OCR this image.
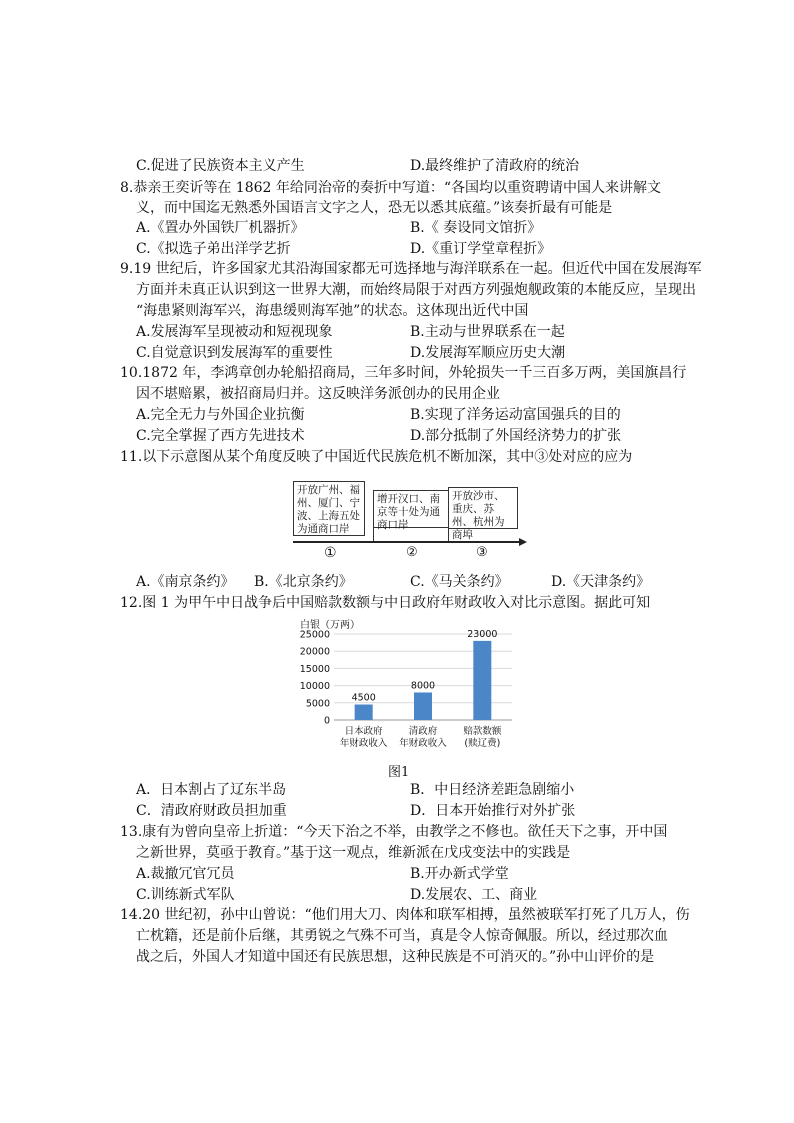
C.促进了民族资本主义产生	D.最终维护了清政府的统治
8.恭亲王奕䜣等在 1862 年给同治帝的奏折中写道：“各国均以重资聘请中国人来讲解文
义，而中国迄无熟悉外国语言文字之人，恐无以悉其底蕴。”该奏折最有可能是
A.《置办外国铁厂机器折》	B.《 奏设同文馆折》
C.《拟选子弟出洋学艺折	D.《重订学堂章程折》
9.19 世纪后，许多国家尤其沿海国家都无可选择地与海洋联系在一起。但近代中国在发展海军
方面并未真正认识到这一世界大潮，而始终局限于对西方列强炮舰政策的本能反应，呈现出
“海患紧则海军兴，海患缓则海军弛”的状态。这体现出近代中国
A.发展海军呈现被动和短视现象	B.主动与世界联系在一起
C.自觉意识到发展海军的重要性	D.发展海军顺应历史大潮
10.1872 年，李鸿章创办轮船招商局，三年多时间，外轮损失一千三百多万两，美国旗昌行
因不堪赔累，被招商局归并。这反映洋务派创办的民用企业
A.完全无力与外国企业抗衡	B.实现了洋务运动富国强兵的目的
C.完全掌握了西方先进技术	D.部分抵制了外国经济势力的扩张
11.以下示意图从某个角度反映了中国近代民族危机不断加深，其中③处对应的应为
开放广州、福州、厦门、宁波、上海五处为通商口岸
增开汉口、南京等十处为通商口岸
开放沙市、重庆、苏州、杭州为商埠
①	②	③
A.《南京条约》 B.《北京条约》	C.《马关条约》	D.《天津条约》
12.图 1 为甲午中日战争后中国赔款数额与中日政府年财政收入对比示意图。据此可知
白银（万两）
0
5000
10000
15000
20000
25000
4500
8000
23000
日本政府
年财政收入
清政府
年财政收入
赔款数额
(赎辽费)
图1
A．日本割占了辽东半岛	B．中日经济差距急剧缩小
C．清政府财政员担加重	D．日本开始推行对外扩张
13.康有为曾向皇帝上折道：“今天下治之不举，由教学之不修也。欲任天下之事，开中国
之新世界，莫亟于教育。”基于这一观点，维新派在戊戌变法中的实践是
A.裁撤冗官冗员	B.开办新式学堂
C.训练新式军队	D.发展农、工、商业
14.20 世纪初，孙中山曾说：“他们用大刀、肉体和联军相搏，虽然被联军打死了几万人，伤
亡枕籍，还是前仆后继，其勇锐之气殊不可当，真是令人惊奇佩服。所以，经过那次血
战之后，外国人才知道中国还有民族思想，这种民族是不可消灭的。”孙中山评价的是
